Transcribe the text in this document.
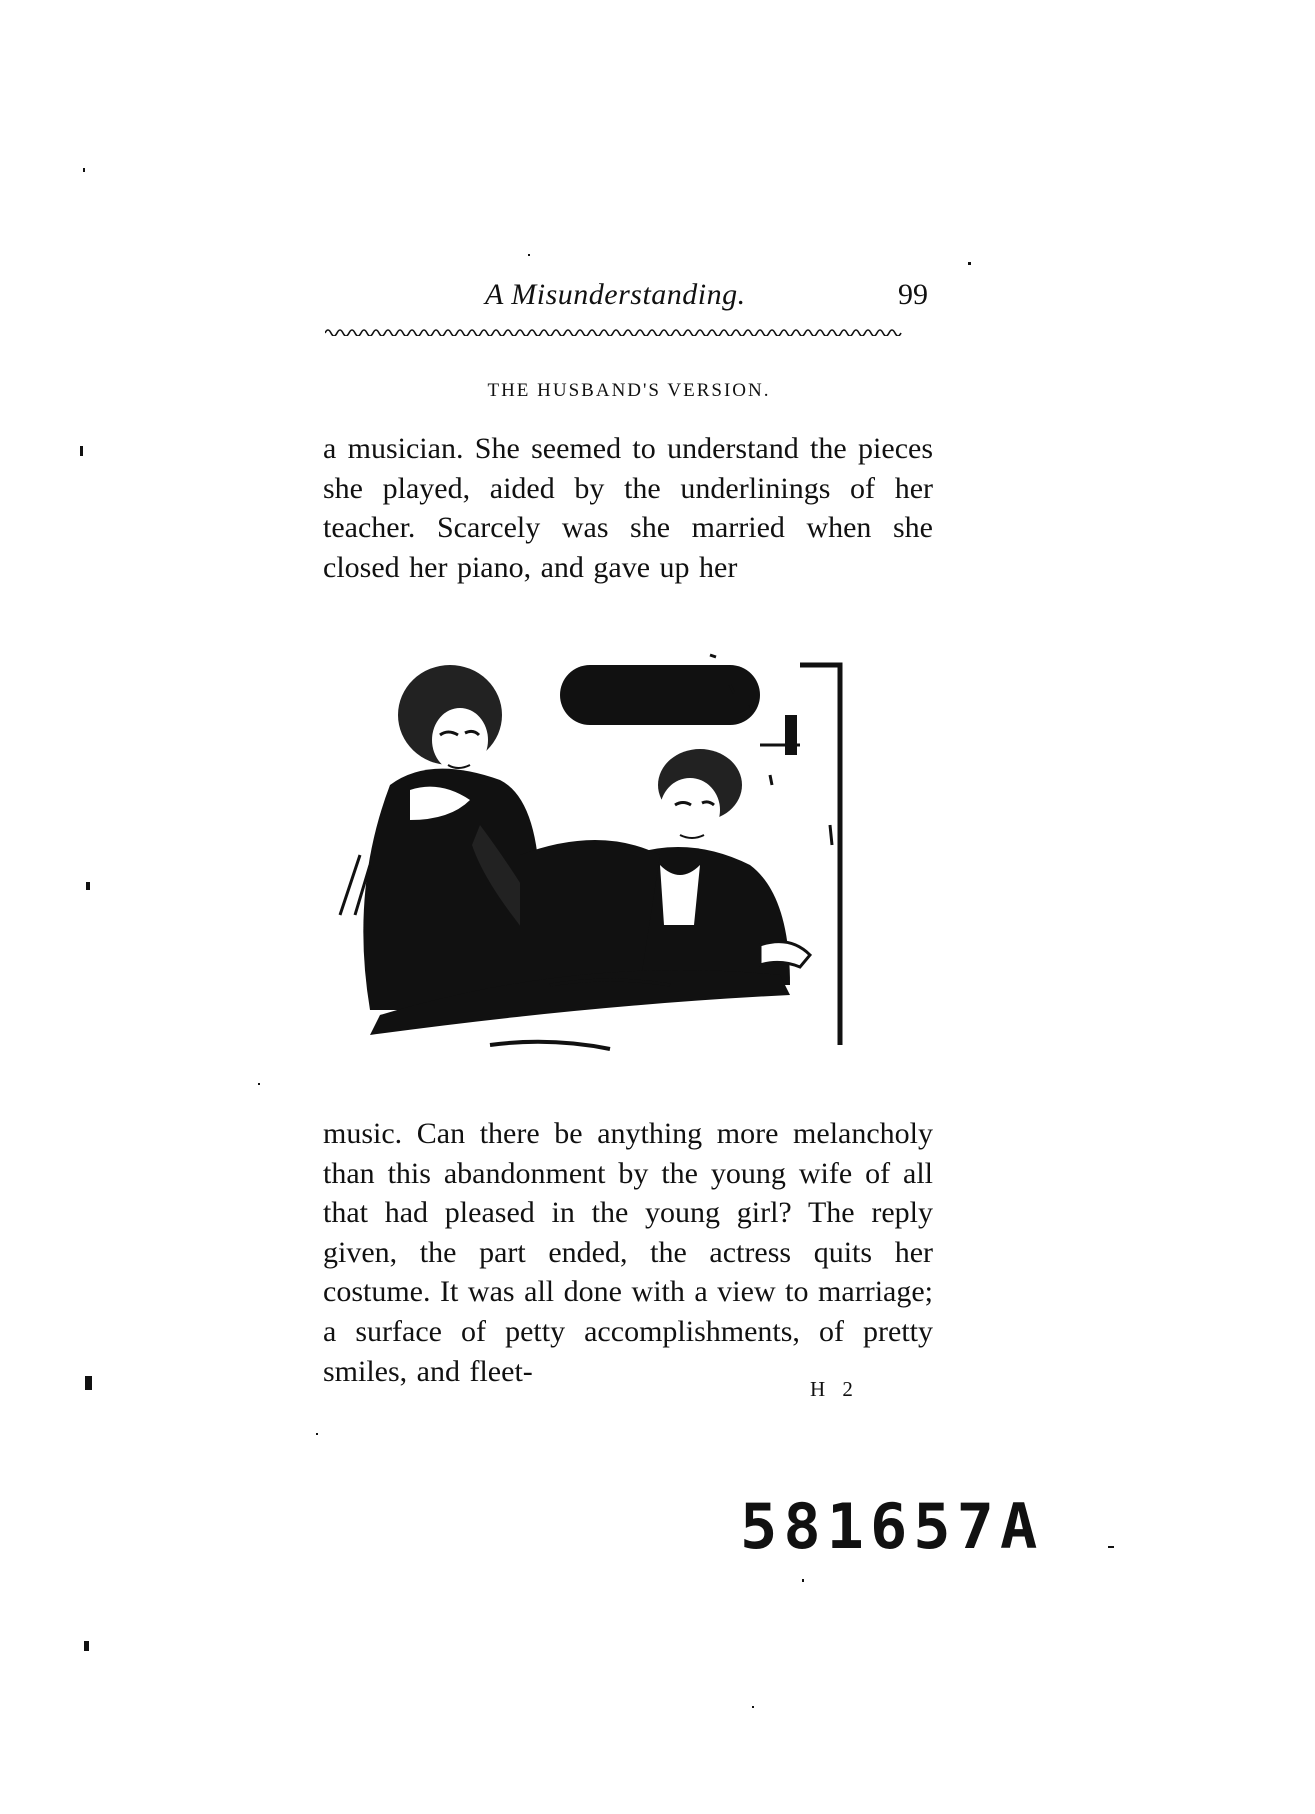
A Misunderstanding.	99
THE HUSBAND'S VERSION.
a musician. She seemed to understand the pieces she played, aided by the underlinings of her teacher. Scarcely was she married when she closed her piano, and gave up her
music. Can there be anything more melancholy than this abandonment by the young wife of all that had pleased in the young girl? The reply given, the part ended, the actress quits her costume. It was all done with a view to marriage; a surface of petty accomplishments, of pretty smiles, and fleet-
H 2
581657A
